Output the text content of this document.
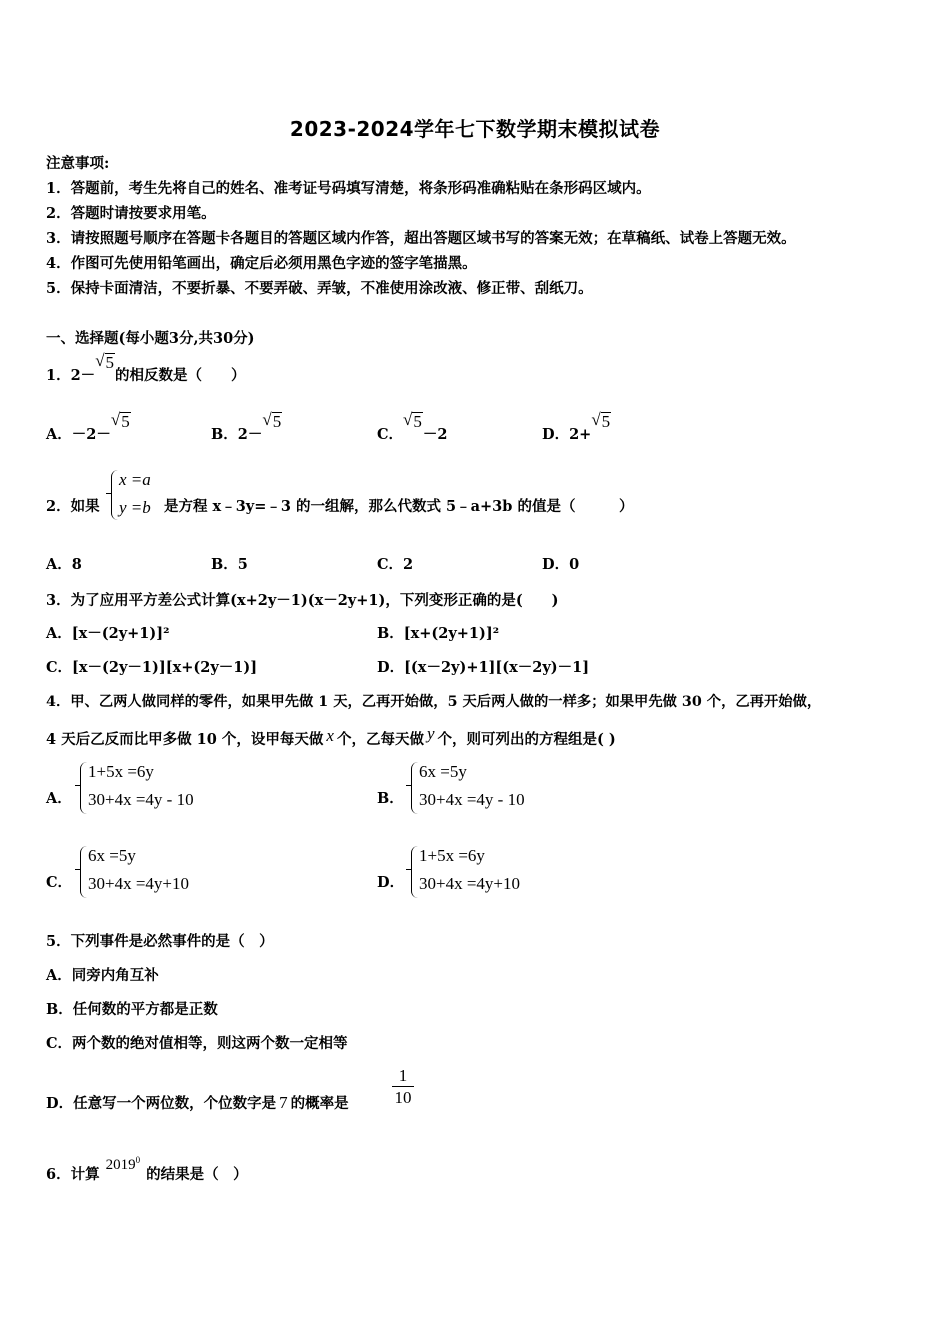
2023-2024学年七下数学期末模拟试卷
注意事项:
1．答题前，考生先将自己的姓名、准考证号码填写清楚，将条形码准确粘贴在条形码区域内。
2．答题时请按要求用笔。
3．请按照题号顺序在答题卡各题目的答题区域内作答，超出答题区域书写的答案无效；在草稿纸、试卷上答题无效。
4．作图可先使用铅笔画出，确定后必须用黑色字迹的签字笔描黑。
5．保持卡面清洁，不要折暴、不要弄破、弄皱，不准使用涂改液、修正带、刮纸刀。
一、选择题(每小题3分,共30分)
1．2－
√ 5
的相反数是（　　）
A．－2－
√ 5
B．2－
√ 5
C．
√ 5
－2	D．2+
√ 5
2．如果
x =a
y =b 是方程 x﹣3y=﹣3 的一组解，那么代数式 5﹣a+3b 的值是（　　　）
A．8	B．5	C．2	D．0
3．为了应用平方差公式计算(x+2y－1)(x－2y+1)，下列变形正确的是(　　)
A．[x－(2y+1)]²	B．[x+(2y+1)]²
C．[x－(2y－1)][x+(2y－1)]	D．[(x－2y)+1][(x－2y)－1]
4．甲、乙两人做同样的零件，如果甲先做 1 天，乙再开始做，5 天后两人做的一样多；如果甲先做 30 个，乙再开始做，
4 天后乙反而比甲多做 10 个，设甲每天做 x 个，乙每天做 y 个，则可列出的方程组是( )
A．
1+5x =6y
30+4x =4y - 10	B．
6x =5y
30+4x =4y - 10
C．
6x =5y
30+4x =4y+10	D．
1+5x =6y
30+4x =4y+10
5．下列事件是必然事件的是（　）
A．同旁内角互补
B．任何数的平方都是正数
C．两个数的绝对值相等，则这两个数一定相等
D．任意写一个两位数，个位数字是 7 的概率是	$\frac{1}{10}$
6．计算2019$^0$的结果是（　）
